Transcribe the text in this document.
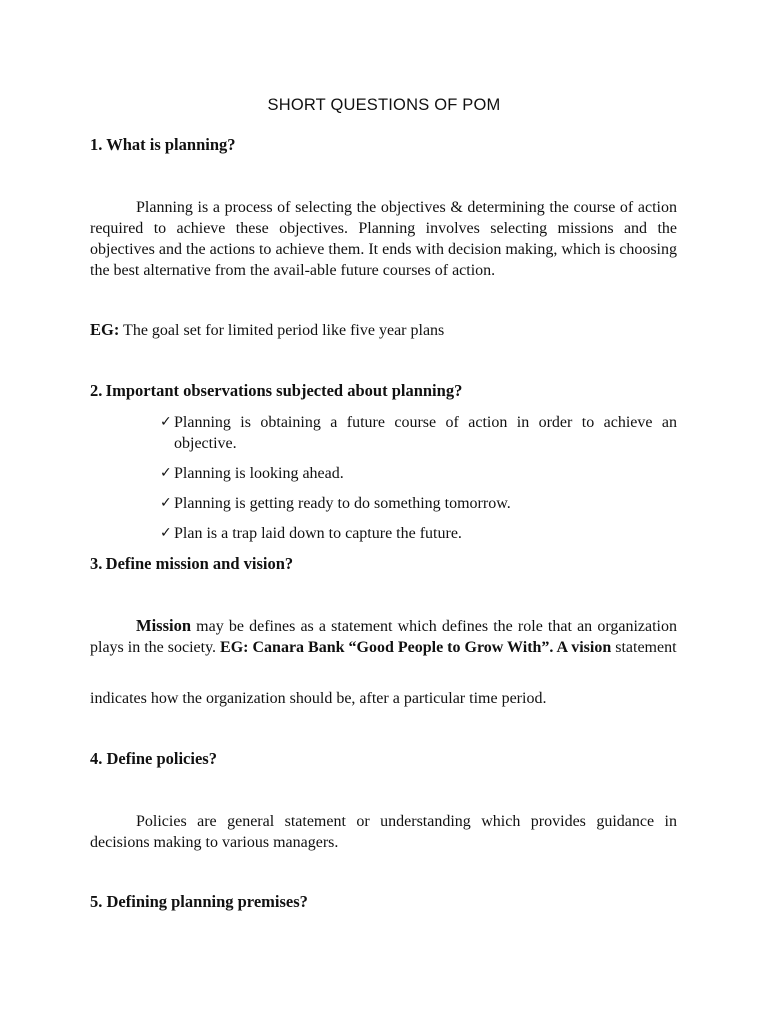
SHORT QUESTIONS OF POM
1. What is planning?
Planning is a process of selecting the objectives & determining the course of action required to achieve these objectives. Planning involves selecting missions and the objectives and the actions to achieve them. It ends with decision making, which is choosing the best alternative from the avail-able future courses of action.
EG: The goal set for limited period like five year plans
2. Important observations subjected about planning?
✓ Planning is obtaining a future course of action in order to achieve an objective.
✓ Planning is looking ahead.
✓ Planning is getting ready to do something tomorrow.
✓ Plan is a trap laid down to capture the future.
3. Define mission and vision?
Mission may be defines as a statement which defines the role that an organization plays in the society. EG: Canara Bank “Good People to Grow With”. A vision statement
indicates how the organization should be, after a particular time period.
4. Define policies?
Policies are general statement or understanding which provides guidance in decisions making to various managers.
5. Defining planning premises?
